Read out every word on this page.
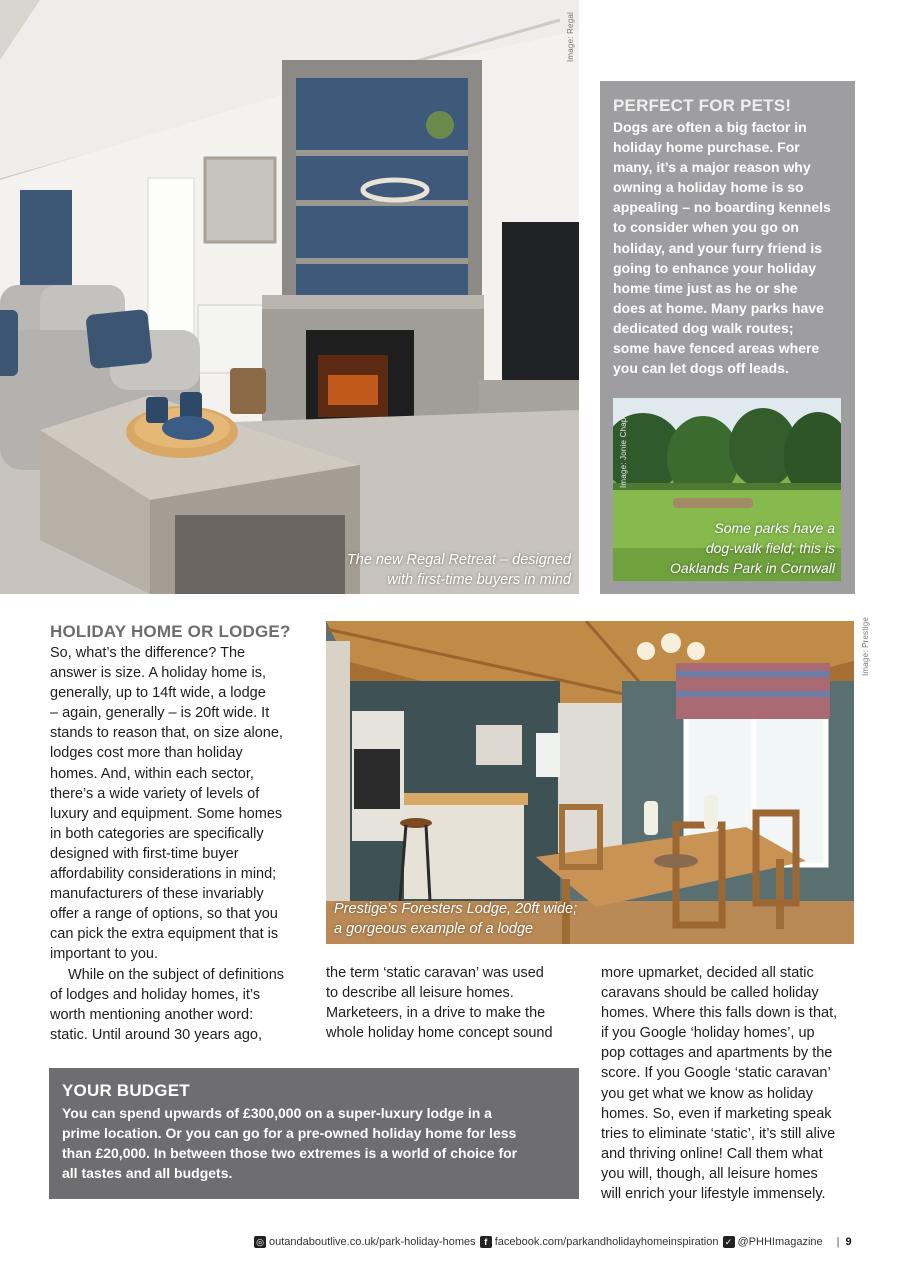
Image: Regal
The new Regal Retreat – designed
with first-time buyers in mind
PERFECT FOR PETS!

Dogs are often a big factor in
holiday home purchase. For
many, it’s a major reason why
owning a holiday home is so
appealing – no boarding kennels
to consider when you go on
holiday, and your furry friend is
going to enhance your holiday
home time just as he or she
does at home. Many parks have
dedicated dog walk routes;
some have fenced areas where
you can let dogs off leads.

Image: Jonie Chapman
Some parks have a
dog-walk field; this is
Oaklands Park in Cornwall
HOLIDAY HOME OR LODGE?
So, what’s the difference? The
answer is size. A holiday home is,
generally, up to 14ft wide, a lodge
– again, generally – is 20ft wide. It
stands to reason that, on size alone,
lodges cost more than holiday
homes. And, within each sector,
there’s a wide variety of levels of
luxury and equipment. Some homes
in both categories are specifically
designed with first-time buyer
affordability considerations in mind;
manufacturers of these invariably
offer a range of options, so that you
can pick the extra equipment that is
important to you.
While on the subject of definitions
of lodges and holiday homes, it’s
worth mentioning another word:
static. Until around 30 years ago,
Prestige’s Foresters Lodge, 20ft wide;
a gorgeous example of a lodge
Image: Prestige
the term ‘static caravan’ was used
to describe all leisure homes.
Marketeers, in a drive to make the
whole holiday home concept sound
more upmarket, decided all static
caravans should be called holiday
homes. Where this falls down is that,
if you Google ‘holiday homes’, up
pop cottages and apartments by the
score. If you Google ‘static caravan’
you get what we know as holiday
homes. So, even if marketing speak
tries to eliminate ‘static’, it’s still alive
and thriving online! Call them what
you will, though, all leisure homes
will enrich your lifestyle immensely.
YOUR BUDGET

You can spend upwards of £300,000 on a super-luxury lodge in a
prime location. Or you can go for a pre-owned holiday home for less
than £20,000. In between those two extremes is a world of choice for
all tastes and all budgets.

◎ outandaboutlive.co.uk/park-holiday-homes f facebook.com/parkandholidayhomeinspiration ✓ @PHHImagazine | 9
